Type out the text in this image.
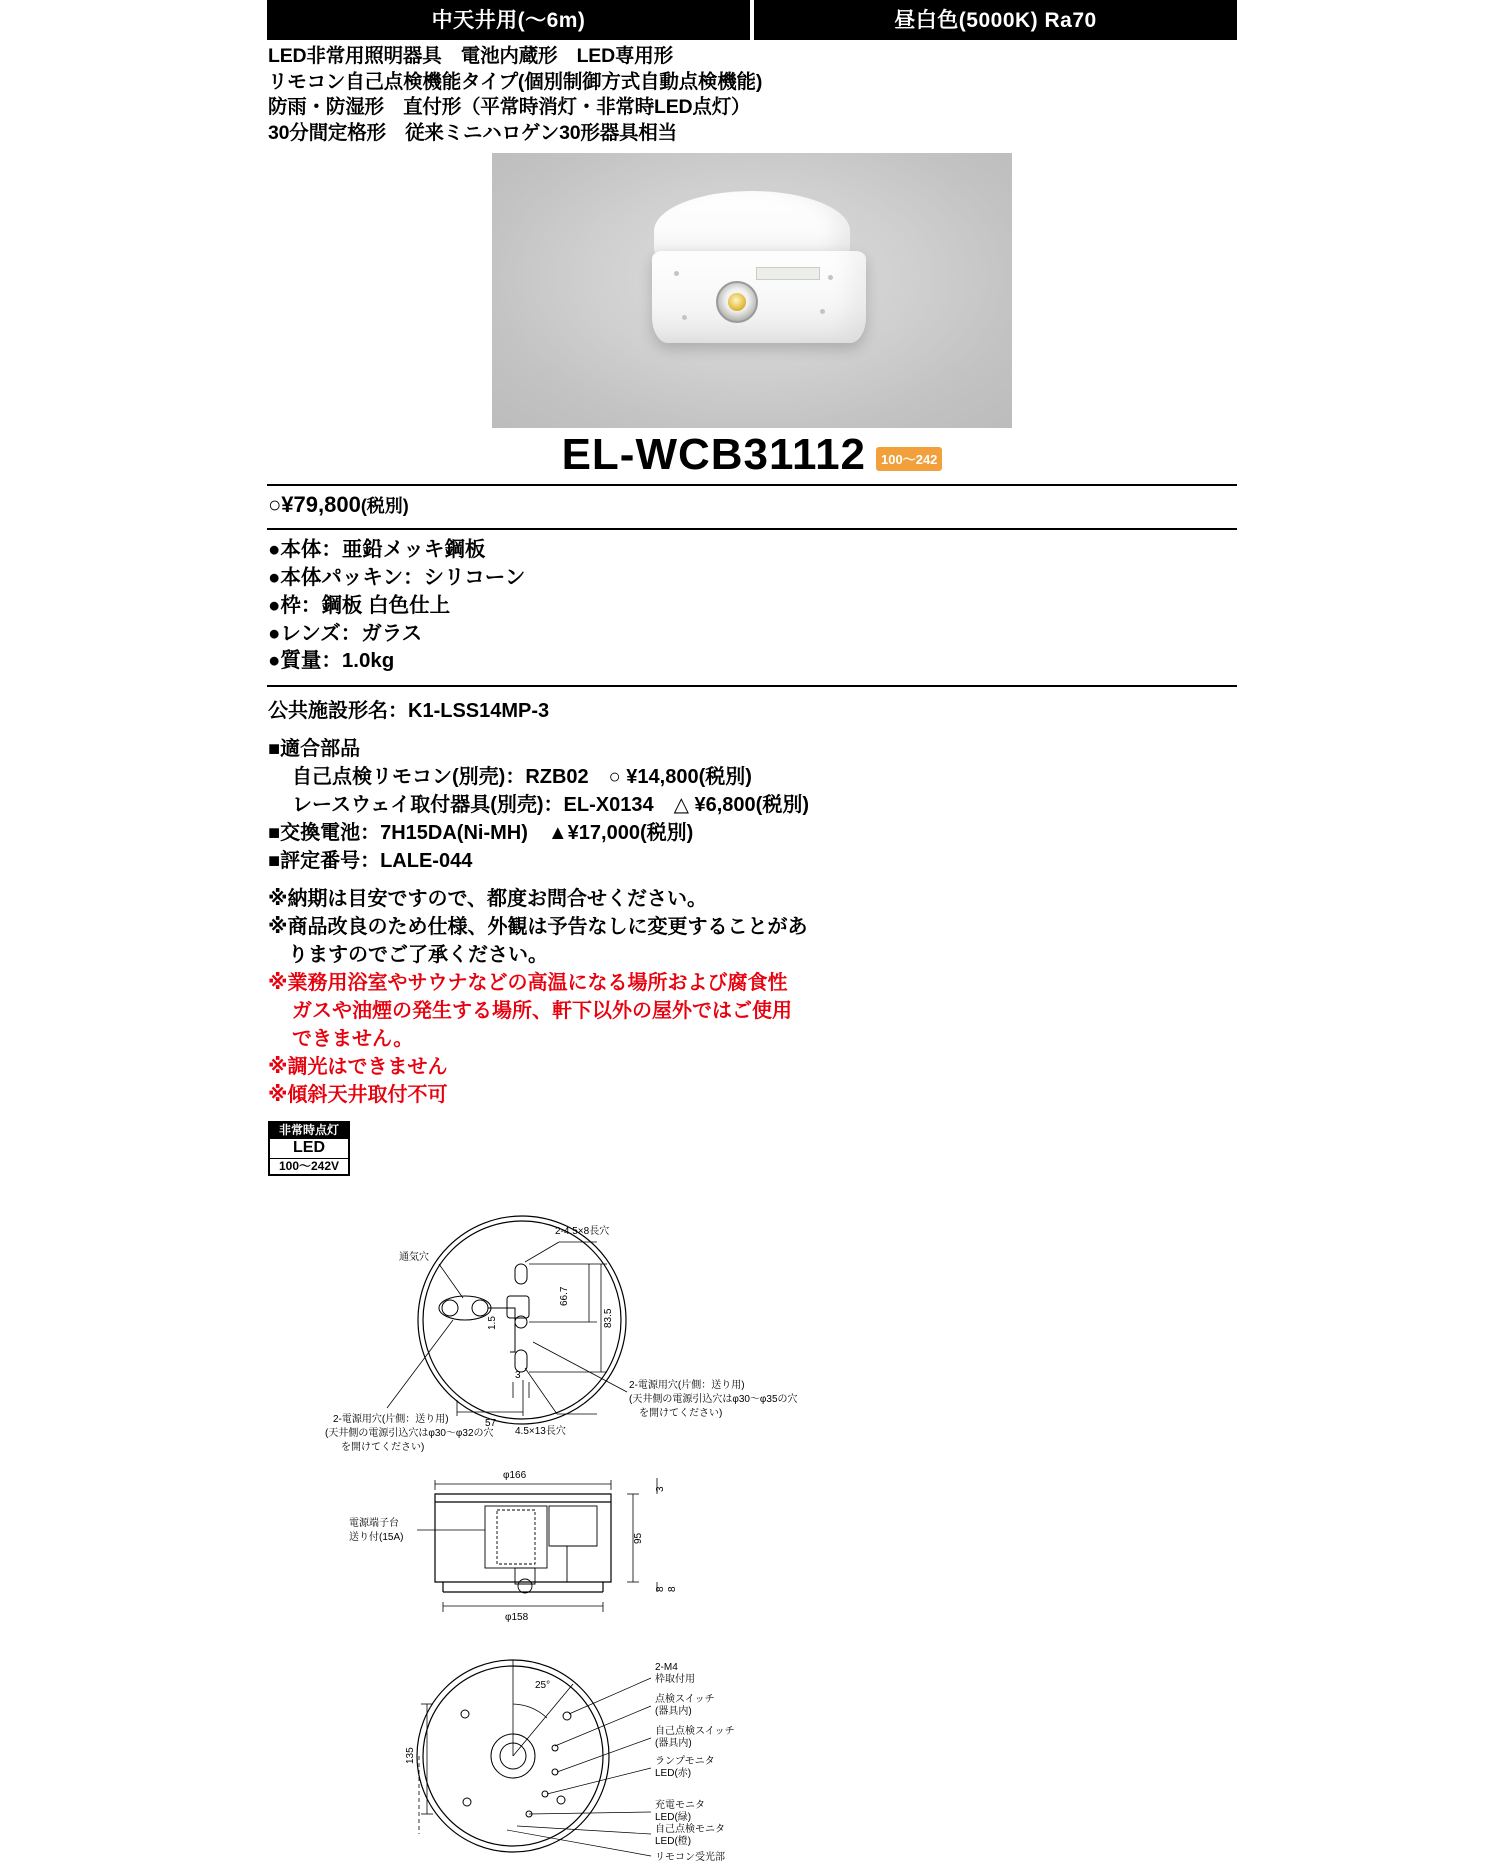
中天井用(～6m)	昼白色(5000K) Ra70
LED非常用照明器具　電池内蔵形　LED専用形
リモコン自己点検機能タイプ(個別制御方式自動点検機能)
防雨・防湿形　直付形（平常時消灯・非常時LED点灯）
30分間定格形　従来ミニハロゲン30形器具相当
EL-WCB31112	100～242
○¥79,800(税別)
●本体：亜鉛メッキ鋼板
●本体パッキン：シリコーン
●枠：鋼板 白色仕上
●レンズ：ガラス
●質量：1.0kg
公共施設形名：K1-LSS14MP-3
■適合部品
自己点検リモコン(別売)：RZB02　○ ¥14,800(税別)
レースウェイ取付器具(別売)：EL-X0134　△ ¥6,800(税別)
■交換電池：7H15DA(Ni-MH)　▲¥17,000(税別)
■評定番号：LALE-044
※納期は目安ですので、都度お問合せください。
※商品改良のため仕様、外観は予告なしに変更することがあ
　りますのでご了承ください。
※業務用浴室やサウナなどの高温になる場所および腐食性
ガスや油煙の発生する場所、軒下以外の屋外ではご使用
できません。
※調光はできません
※傾斜天井取付不可
非常時点灯
LED
100～242V
66.7
83.5
1.5
通気穴
2-4.5×8長穴
57
3
4.5×13長穴
2-電源用穴(片側：送り用)
(天井側の電源引込穴はφ30～φ35の穴
を開けてください)
2-電源用穴(片側：送り用)
(天井側の電源引込穴はφ30～φ32の穴
を開けてください)
φ166
95
3
8 8
φ158
電源端子台
送り付(15A)
25°
135
2-M4
枠取付用
点検スイッチ
(器具内)
自己点検スイッチ
(器具内)
ランプモニタ
LED(赤)
充電モニタ
LED(緑)
自己点検モニタ
LED(橙)
リモコン受光部
